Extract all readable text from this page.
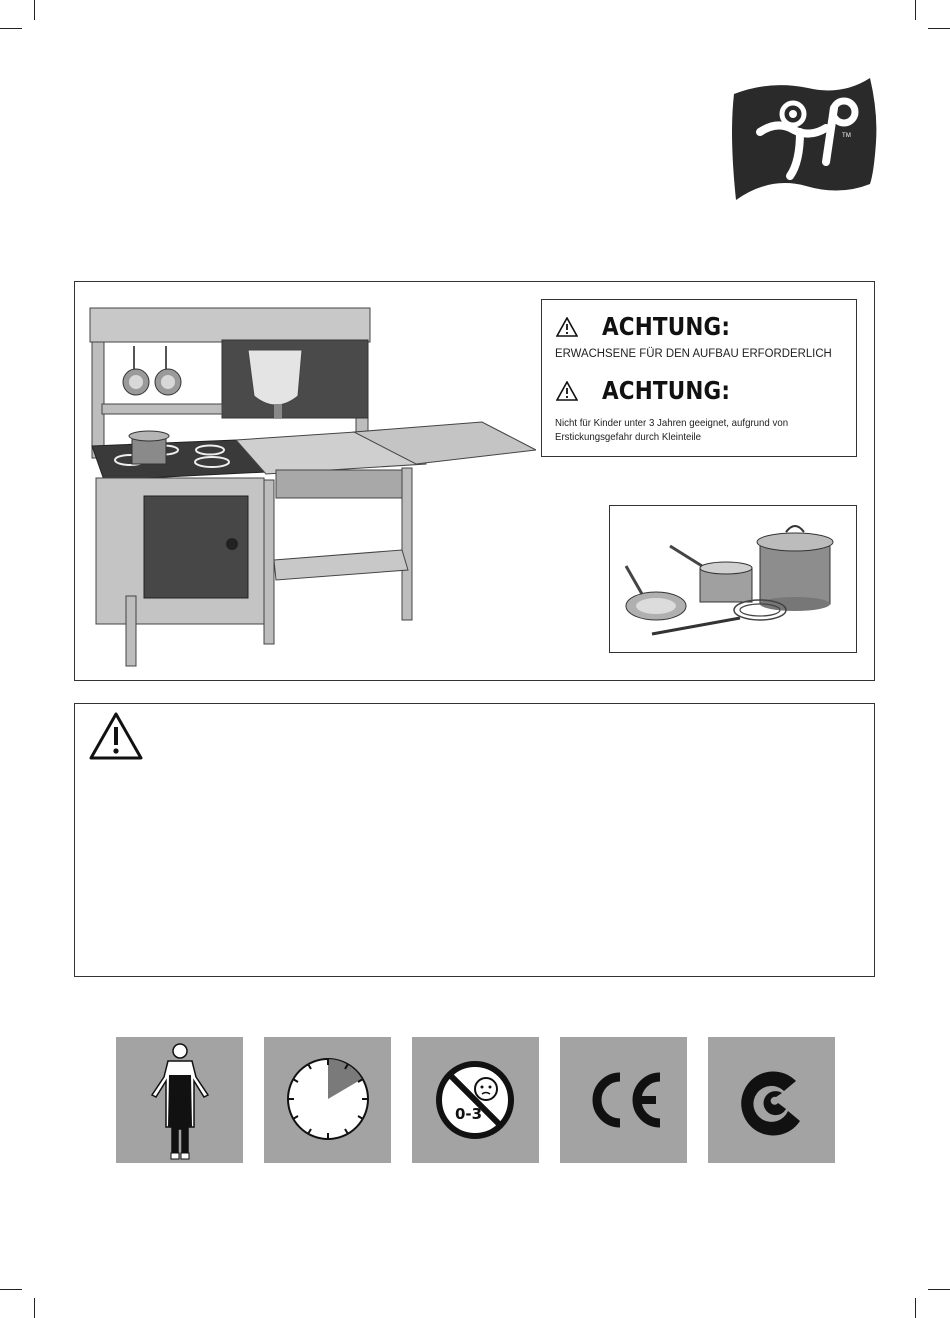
TM
ACHTUNG:
ERWACHSENE FÜR DEN AUFBAU ERFORDERLICH
ACHTUNG:
Nicht für Kinder unter 3 Jahren geeignet, aufgrund von Erstickungsgefahr durch Kleinteile
0-3
